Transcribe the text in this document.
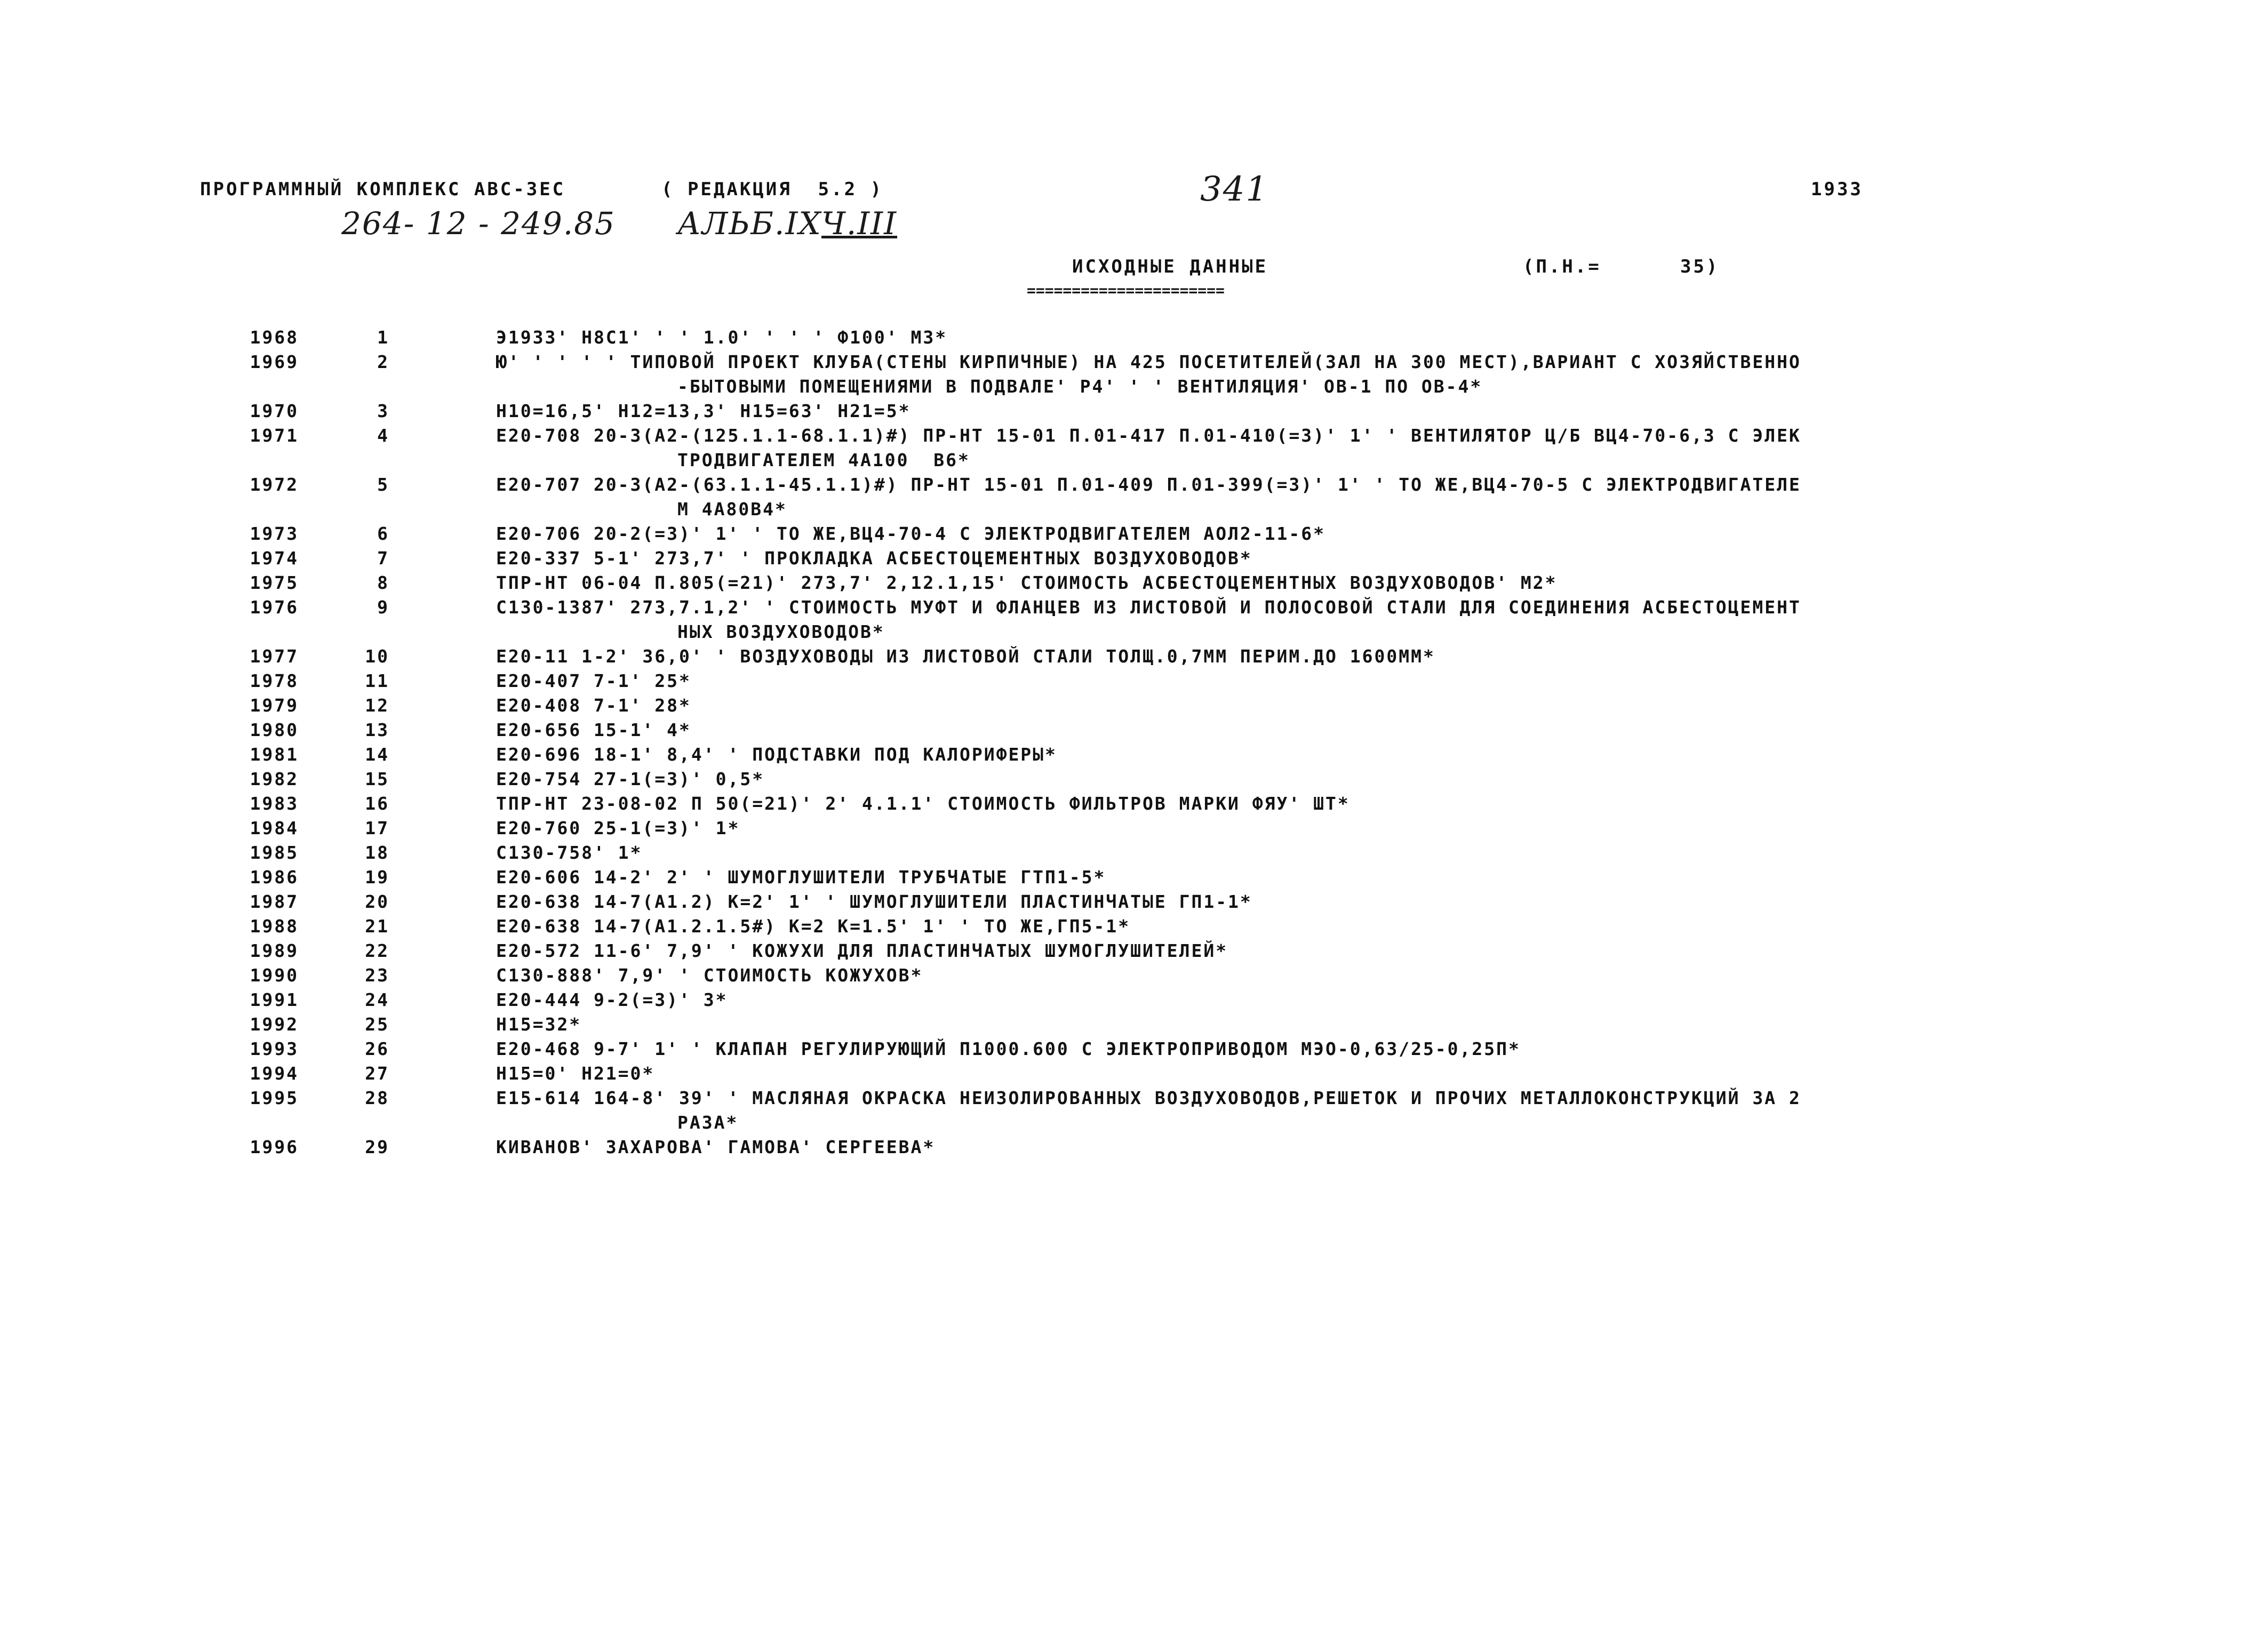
ПРОГРАММНЫЙ КОМПЛЕКС АВС-3ЕС	( РЕДАКЦИЯ  5.2 )	341	1933
264- 12 - 249.85 АЛЬБ.IX Ч.III
ИСХОДНЫЕ ДАННЫЕ	(П.Н.=	35)
======================
1968	1	Э1933' Н8С1' ' ' 1.0' ' ' ' Ф100' М3*
1969	2	Ю' ' ' ' ' ТИПОВОЙ ПРОЕКТ КЛУБА(СТЕНЫ КИРПИЧНЫЕ) НА 425 ПОСЕТИТЕЛЕЙ(ЗАЛ НА 300 МЕСТ),ВАРИАНТ С ХОЗЯЙСТВЕННО
-БЫТОВЫМИ ПОМЕЩЕНИЯМИ В ПОДВАЛЕ' Р4' ' ' ВЕНТИЛЯЦИЯ' ОВ-1 ПО ОВ-4*
1970	3	Н10=16,5' Н12=13,3' Н15=63' Н21=5*
1971	4	Е20-708 20-3(А2-(125.1.1-68.1.1)#) ПР-НТ 15-01 П.01-417 П.01-410(=3)' 1' ' ВЕНТИЛЯТОР Ц/Б ВЦ4-70-6,3 С ЭЛЕК
ТРОДВИГАТЕЛЕМ 4А100  В6*
1972	5	Е20-707 20-3(А2-(63.1.1-45.1.1)#) ПР-НТ 15-01 П.01-409 П.01-399(=3)' 1' ' ТО ЖЕ,ВЦ4-70-5 С ЭЛЕКТРОДВИГАТЕЛЕ
М 4А80В4*
1973	6	Е20-706 20-2(=3)' 1' ' ТО ЖЕ,ВЦ4-70-4 С ЭЛЕКТРОДВИГАТЕЛЕМ АОЛ2-11-6*
1974	7	Е20-337 5-1' 273,7' ' ПРОКЛАДКА АСБЕСТОЦЕМЕНТНЫХ ВОЗДУХОВОДОВ*
1975	8	ТПР-НТ 06-04 П.805(=21)' 273,7' 2,12.1,15' СТОИМОСТЬ АСБЕСТОЦЕМЕНТНЫХ ВОЗДУХОВОДОВ' М2*
1976	9	С130-1387' 273,7.1,2' ' СТОИМОСТЬ МУФТ И ФЛАНЦЕВ ИЗ ЛИСТОВОЙ И ПОЛОСОВОЙ СТАЛИ ДЛЯ СОЕДИНЕНИЯ АСБЕСТОЦЕМЕНТ
НЫХ ВОЗДУХОВОДОВ*
1977	10	Е20-11 1-2' 36,0' ' ВОЗДУХОВОДЫ ИЗ ЛИСТОВОЙ СТАЛИ ТОЛЩ.0,7ММ ПЕРИМ.ДО 1600ММ*
1978	11	Е20-407 7-1' 25*
1979	12	Е20-408 7-1' 28*
1980	13	Е20-656 15-1' 4*
1981	14	Е20-696 18-1' 8,4' ' ПОДСТАВКИ ПОД КАЛОРИФЕРЫ*
1982	15	Е20-754 27-1(=3)' 0,5*
1983	16	ТПР-НТ 23-08-02 П 50(=21)' 2' 4.1.1' СТОИМОСТЬ ФИЛЬТРОВ МАРКИ ФЯУ' ШТ*
1984	17	Е20-760 25-1(=3)' 1*
1985	18	С130-758' 1*
1986	19	Е20-606 14-2' 2' ' ШУМОГЛУШИТЕЛИ ТРУБЧАТЫЕ ГТП1-5*
1987	20	Е20-638 14-7(А1.2) К=2' 1' ' ШУМОГЛУШИТЕЛИ ПЛАСТИНЧАТЫЕ ГП1-1*
1988	21	Е20-638 14-7(А1.2.1.5#) К=2 К=1.5' 1' ' ТО ЖЕ,ГП5-1*
1989	22	Е20-572 11-6' 7,9' ' КОЖУХИ ДЛЯ ПЛАСТИНЧАТЫХ ШУМОГЛУШИТЕЛЕЙ*
1990	23	С130-888' 7,9' ' СТОИМОСТЬ КОЖУХОВ*
1991	24	Е20-444 9-2(=3)' 3*
1992	25	Н15=32*
1993	26	Е20-468 9-7' 1' ' КЛАПАН РЕГУЛИРУЮЩИЙ П1000.600 С ЭЛЕКТРОПРИВОДОМ МЭО-0,63/25-0,25П*
1994	27	Н15=0' Н21=0*
1995	28	Е15-614 164-8' 39' ' МАСЛЯНАЯ ОКРАСКА НЕИЗОЛИРОВАННЫХ ВОЗДУХОВОДОВ,РЕШЕТОК И ПРОЧИХ МЕТАЛЛОКОНСТРУКЦИЙ ЗА 2
РАЗА*
1996	29	КИВАНОВ' ЗАХАРОВА' ГАМОВА' СЕРГЕЕВА*
